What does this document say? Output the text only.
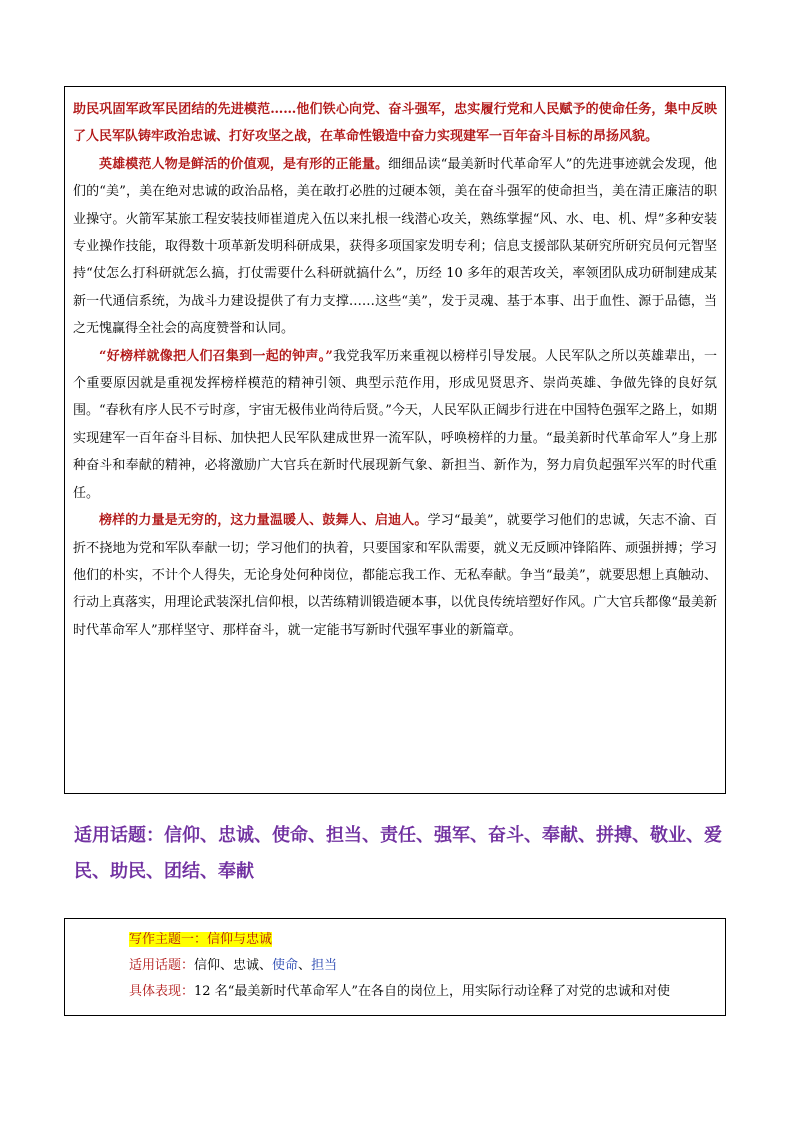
助民巩固军政军民团结的先进模范……他们铁心向党、奋斗强军，忠实履行党和人民赋予的使命任务，集中反映了人民军队铸牢政治忠诚、打好攻坚之战，在革命性锻造中奋力实现建军一百年奋斗目标的昂扬风貌。

英雄模范人物是鲜活的价值观，是有形的正能量。细细品读“最美新时代革命军人”的先进事迹就会发现，他们的“美”，美在绝对忠诚的政治品格，美在敢打必胜的过硬本领，美在奋斗强军的使命担当，美在清正廉洁的职业操守。火箭军某旅工程安装技师崔道虎入伍以来扎根一线潜心攻关，熟练掌握“风、水、电、机、焊”多种安装专业操作技能，取得数十项革新发明科研成果，获得多项国家发明专利；信息支援部队某研究所研究员何元智坚持“仗怎么打科研就怎么搞，打仗需要什么科研就搞什么”，历经 10 多年的艰苦攻关，率领团队成功研制建成某新一代通信系统，为战斗力建设提供了有力支撑……这些“美”，发于灵魂、基于本事、出于血性、源于品德，当之无愧赢得全社会的高度赞誉和认同。

“好榜样就像把人们召集到一起的钟声。”我党我军历来重视以榜样引导发展。人民军队之所以英雄辈出，一个重要原因就是重视发挥榜样模范的精神引领、典型示范作用，形成见贤思齐、崇尚英雄、争做先锋的良好氛围。“春秋有序人民不亏时彦，宇宙无极伟业尚待后贤。”今天，人民军队正阔步行进在中国特色强军之路上，如期实现建军一百年奋斗目标、加快把人民军队建成世界一流军队，呼唤榜样的力量。“最美新时代革命军人”身上那种奋斗和奉献的精神，必将激励广大官兵在新时代展现新气象、新担当、新作为，努力肩负起强军兴军的时代重任。

榜样的力量是无穷的，这力量温暖人、鼓舞人、启迪人。学习“最美”，就要学习他们的忠诚，矢志不渝、百折不挠地为党和军队奉献一切；学习他们的执着，只要国家和军队需要，就义无反顾冲锋陷阵、顽强拼搏；学习他们的朴实，不计个人得失，无论身处何种岗位，都能忘我工作、无私奉献。争当“最美”，就要思想上真触动、行动上真落实，用理论武装深扎信仰根，以苦练精训锻造硬本事，以优良传统培塑好作风。广大官兵都像“最美新时代革命军人”那样坚守、那样奋斗，就一定能书写新时代强军事业的新篇章。

适用话题：信仰、忠诚、使命、担当、责任、强军、奋斗、奉献、拼搏、敬业、爱民、助民、团结、奉献

写作主题一：信仰与忠诚

适用话题：信仰、忠诚、使命、担当

具体表现：12 名“最美新时代革命军人”在各自的岗位上，用实际行动诠释了对党的忠诚和对使
